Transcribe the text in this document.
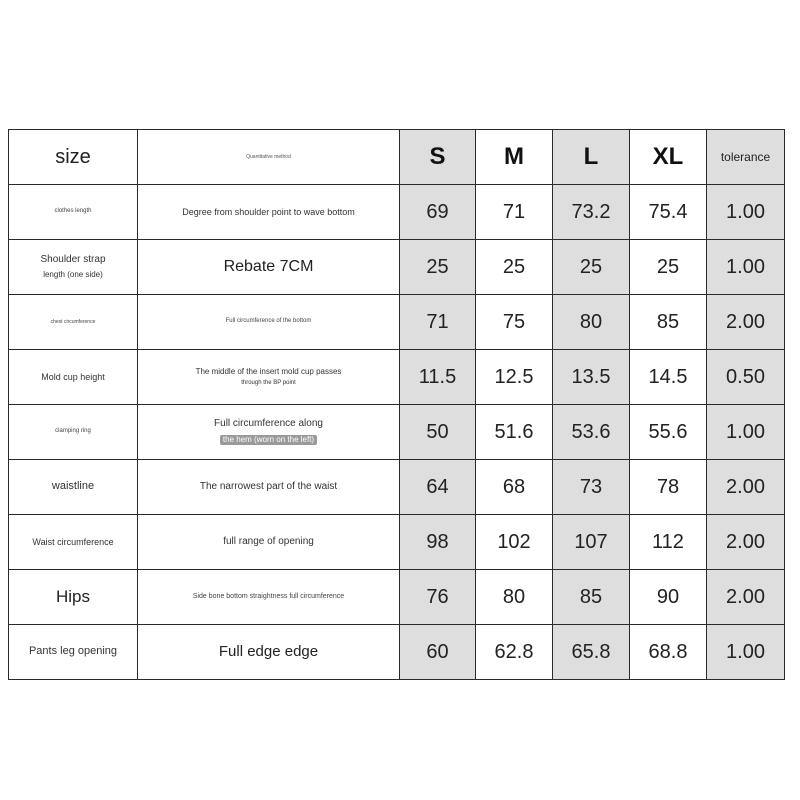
size	Quantitative method	S	M	L	XL	tolerance
clothes length	Degree from shoulder point to wave bottom	69	71	73.2	75.4	1.00
Shoulder strap
length (one side)	Rebate 7CM	25	25	25	25	1.00
chest circumference	Full circumference of the bottom	71	75	80	85	2.00
Mold cup height	The middle of the insert mold cup passes
through the BP point	11.5	12.5	13.5	14.5	0.50
clamping ring	Full circumference along
the hem (worn on the left)	50	51.6	53.6	55.6	1.00
waistline	The narrowest part of the waist	64	68	73	78	2.00
Waist circumference	full range of opening	98	102	107	112	2.00
Hips	Side bone bottom straightness full circumference	76	80	85	90	2.00
Pants leg opening	Full edge edge	60	62.8	65.8	68.8	1.00
